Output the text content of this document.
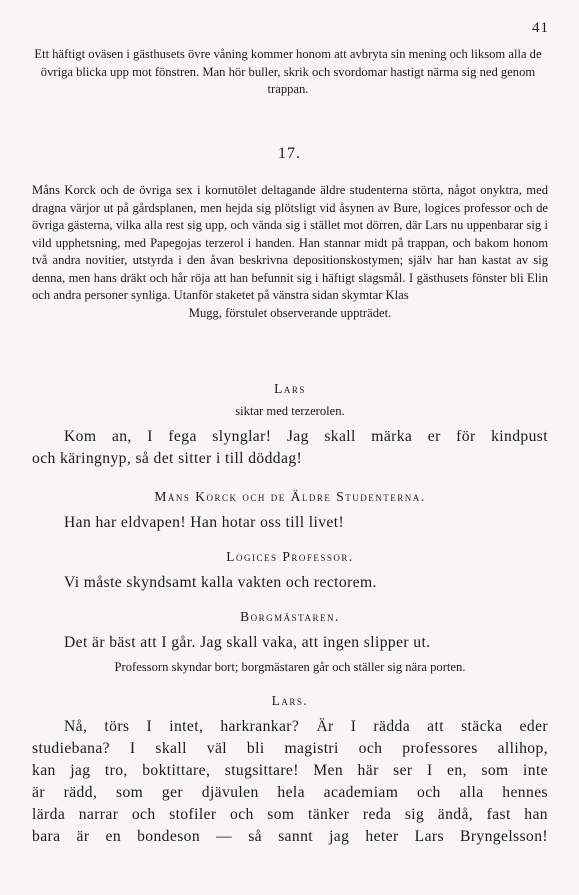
41
Ett häftigt oväsen i gästhusets övre våning kommer honom att avbryta sin mening och liksom alla de övriga blicka upp mot fönstren. Man hör buller, skrik och svordomar hastigt närma sig ned genom trappan.
17.
Måns Korck och de övriga sex i kornutölet deltagande äldre studenterna störta, något onyktra, med dragna värjor ut på gårdsplanen, men hejda sig plötsligt vid åsynen av Bure, logices professor och de övriga gästerna, vilka alla rest sig upp, och vända sig i stället mot dörren, där Lars nu uppenbarar sig i vild upphetsning, med Papegojas terzerol i handen. Han stannar midt på trappan, och bakom honom två andra novitier, utstyrda i den åvan beskrivna depositionskostymen; själv har han kastat av sig denna, men hans dräkt och hår röja att han befunnit sig i häftigt slagsmål. I gästhusets fönster bli Elin och andra personer synliga. Utanför staketet på vänstra sidan skymtar Klas
Mugg, förstulet observerande uppträdet.
Lars
siktar med terzerolen.

Kom an, I fega slynglar! Jag skall märka er för kindpust
och käringnyp, så det sitter i till döddag!

Måns Korck och de Äldre Studenterna.

Han har eldvapen! Han hotar oss till livet!

Logices Professor.

Vi måste skyndsamt kalla vakten och rectorem.

Borgmästaren.

Det är bäst att I går. Jag skall vaka, att ingen slipper ut.

Professorn skyndar bort; borgmästaren går och ställer sig nära porten.
Lars.

Nå, törs I intet, harkrankar? Är I rädda att stäcka eder
studiebana? I skall väl bli magistri och professores allihop,
kan jag tro, boktittare, stugsittare! Men här ser I en, som inte
är rädd, som ger djävulen hela academiam och alla hennes
lärda narrar och stofiler och som tänker reda sig ändå, fast han
bara är en bondeson — så sannt jag heter Lars Bryngelsson!
